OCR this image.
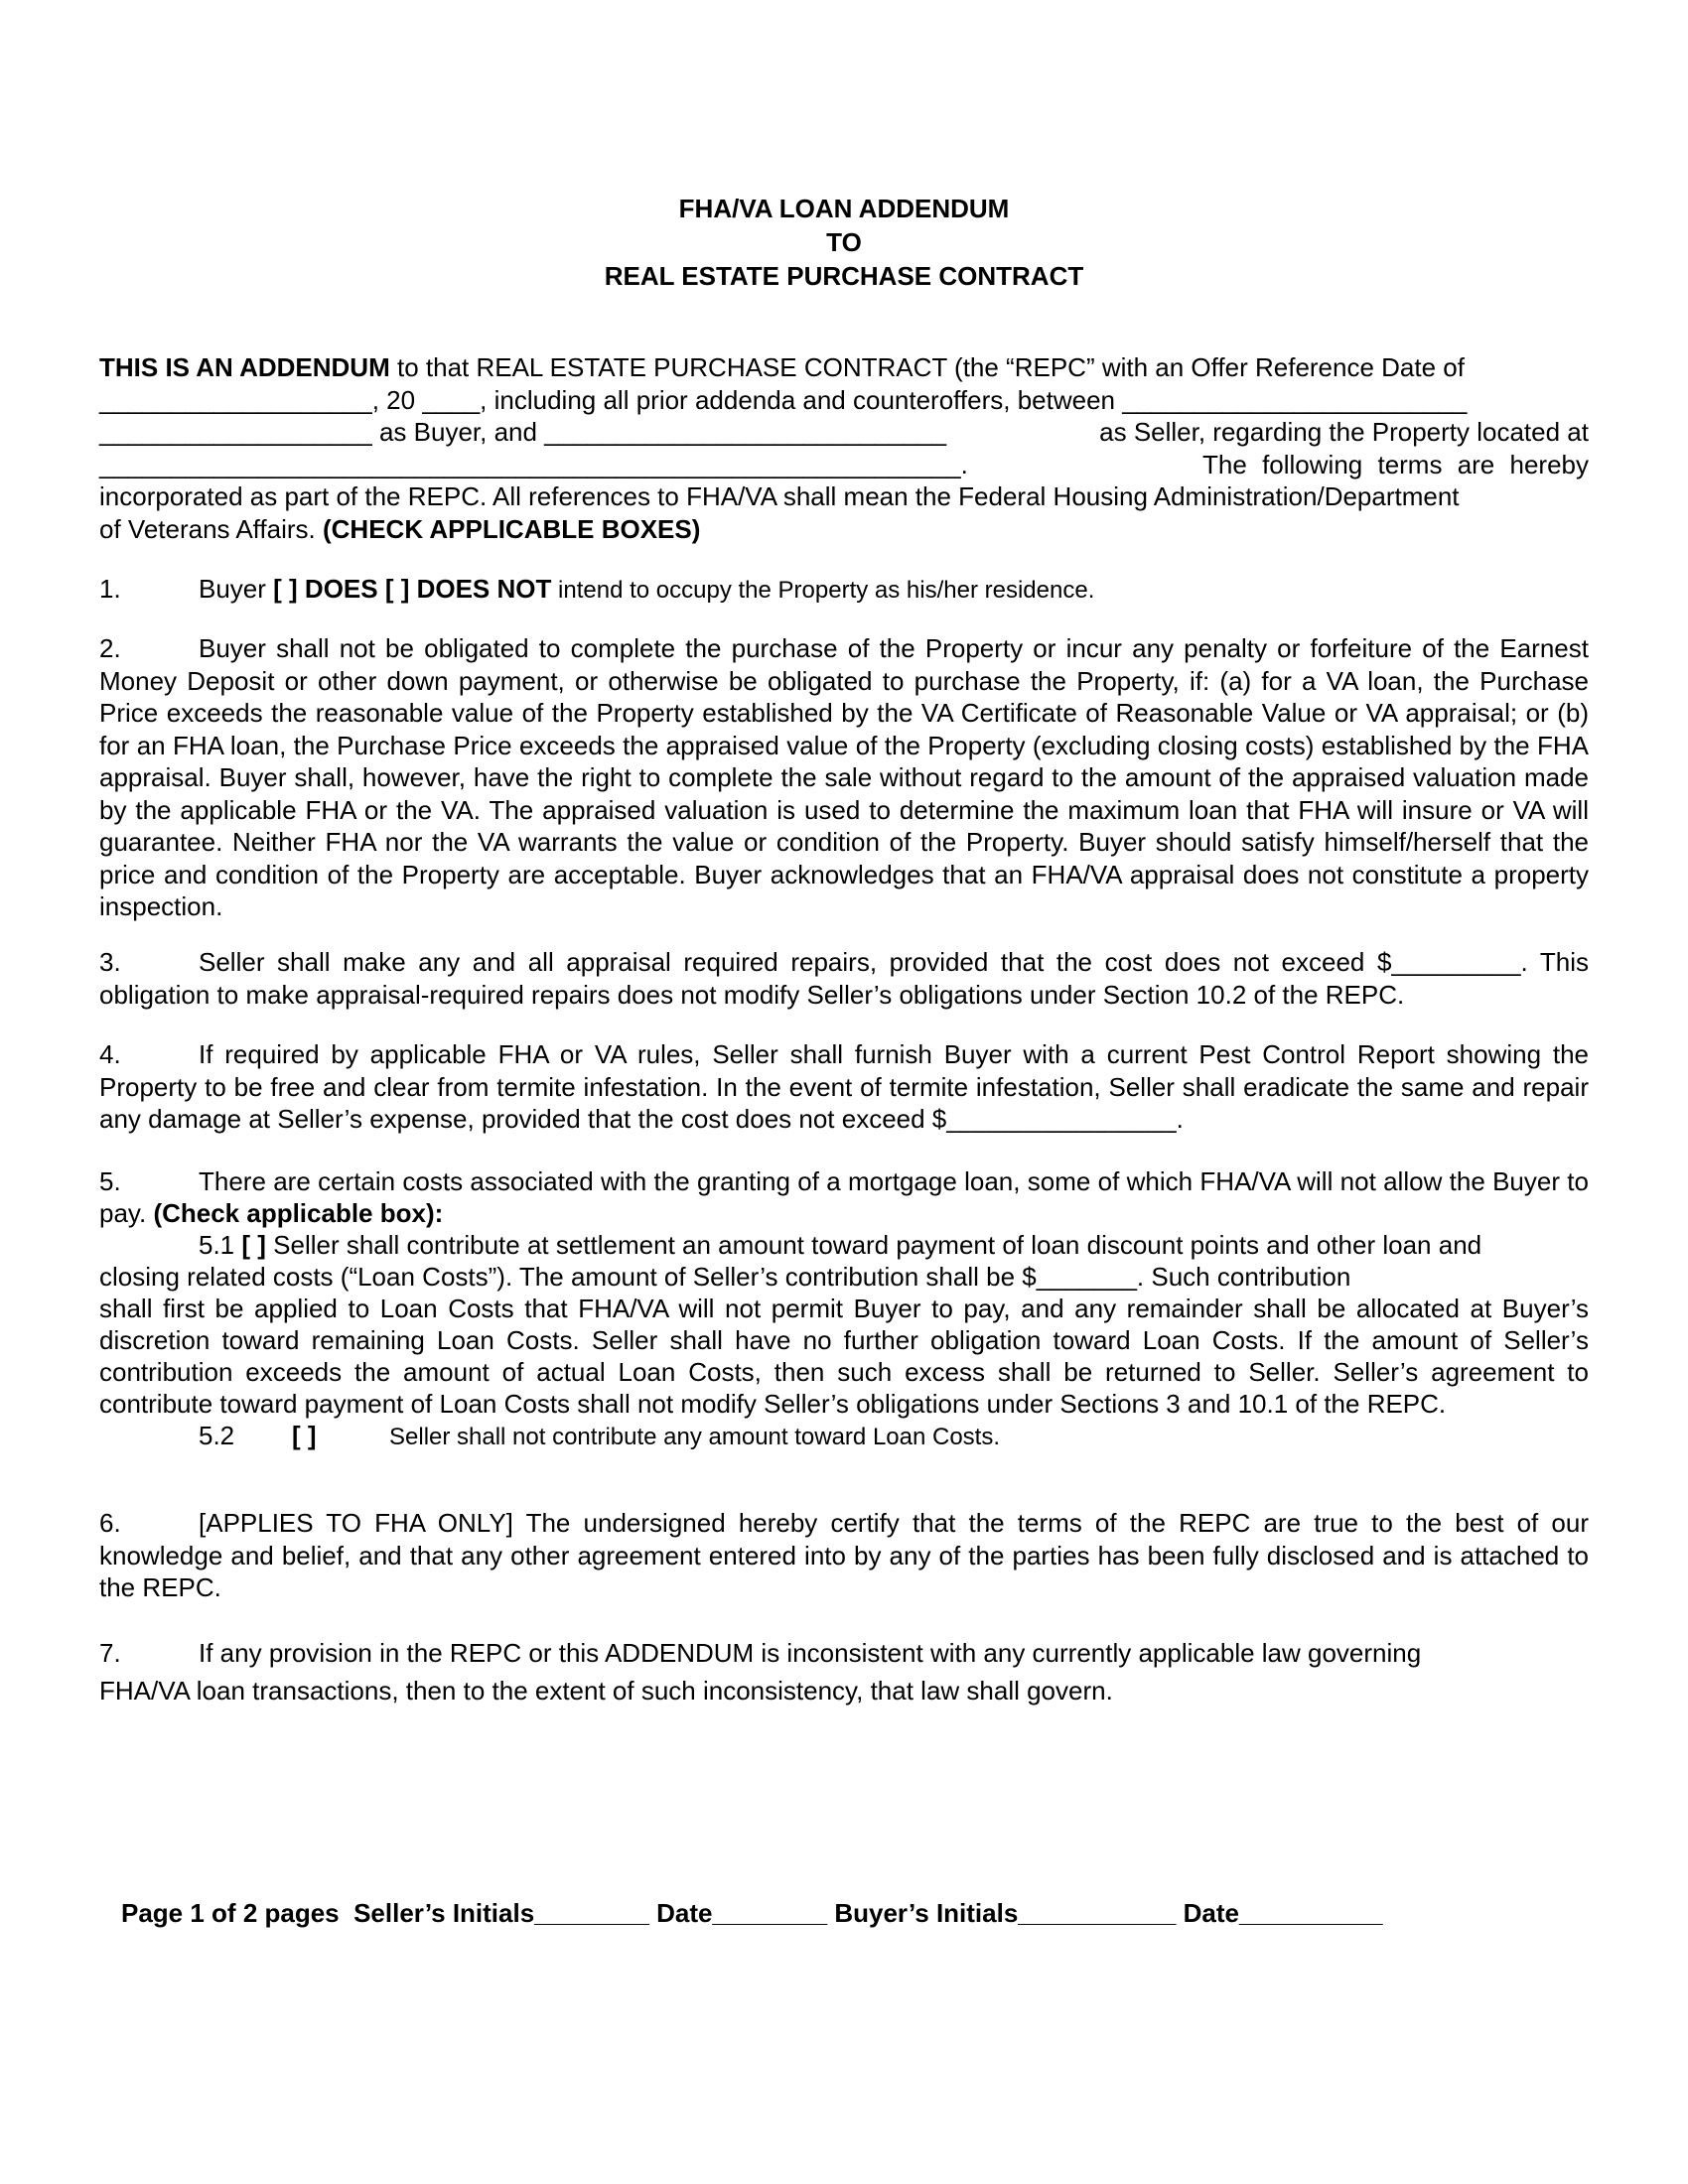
FHA/VA LOAN ADDENDUM
TO
REAL ESTATE PURCHASE CONTRACT
THIS IS AN ADDENDUM to that REAL ESTATE PURCHASE CONTRACT (the “REPC” with an Offer Reference Date of
___________________, 20 ____, including all prior addenda and counteroffers, between ________________________
___________________ as Buyer, and ____________________________	as Seller, regarding the Property located at
____________________________________________________________.	The following terms are hereby
incorporated as part of the REPC. All references to FHA/VA shall mean the Federal Housing Administration/Department
of Veterans Affairs. (CHECK APPLICABLE BOXES)
1.	Buyer [ ] DOES [ ] DOES NOT intend to occupy the Property as his/her residence.
2.	Buyer shall not be obligated to complete the purchase of the Property or incur any penalty or forfeiture of the Earnest Money Deposit or other down payment, or otherwise be obligated to purchase the Property, if: (a) for a VA loan, the Purchase Price exceeds the reasonable value of the Property established by the VA Certificate of Reasonable Value or VA appraisal; or (b) for an FHA loan, the Purchase Price exceeds the appraised value of the Property (excluding closing costs) established by the FHA appraisal. Buyer shall, however, have the right to complete the sale without regard to the amount of the appraised valuation made by the applicable FHA or the VA. The appraised valuation is used to determine the maximum loan that FHA will insure or VA will guarantee. Neither FHA nor the VA warrants the value or condition of the Property. Buyer should satisfy himself/herself that the price and condition of the Property are acceptable. Buyer acknowledges that an FHA/VA appraisal does not constitute a property inspection.
3.	Seller shall make any and all appraisal required repairs, provided that the cost does not exceed $_________. This obligation to make appraisal-required repairs does not modify Seller’s obligations under Section 10.2 of the REPC.
4.	If required by applicable FHA or VA rules, Seller shall furnish Buyer with a current Pest Control Report showing the Property to be free and clear from termite infestation. In the event of termite infestation, Seller shall eradicate the same and repair any damage at Seller’s expense, provided that the cost does not exceed $________________.
5.	There are certain costs associated with the granting of a mortgage loan, some of which FHA/VA will not allow the Buyer to pay. (Check applicable box):
5.1 [ ] Seller shall contribute at settlement an amount toward payment of loan discount points and other loan and
closing related costs (“Loan Costs”). The amount of Seller’s contribution shall be $_______. Such contribution
shall first be applied to Loan Costs that FHA/VA will not permit Buyer to pay, and any remainder shall be allocated at Buyer’s discretion toward remaining Loan Costs. Seller shall have no further obligation toward Loan Costs. If the amount of Seller’s contribution exceeds the amount of actual Loan Costs, then such excess shall be returned to Seller. Seller’s agreement to contribute toward payment of Loan Costs shall not modify Seller’s obligations under Sections 3 and 10.1 of the REPC.
5.2 [ ]	Seller shall not contribute any amount toward Loan Costs.
6.	[APPLIES TO FHA ONLY] The undersigned hereby certify that the terms of the REPC are true to the best of our knowledge and belief, and that any other agreement entered into by any of the parties has been fully disclosed and is attached to the REPC.
7.	If any provision in the REPC or this ADDENDUM is inconsistent with any currently applicable law governing
FHA/VA loan transactions, then to the extent of such inconsistency, that law shall govern.
Page 1 of 2 pages  Seller’s Initials________ Date________ Buyer’s Initials___________ Date__________
